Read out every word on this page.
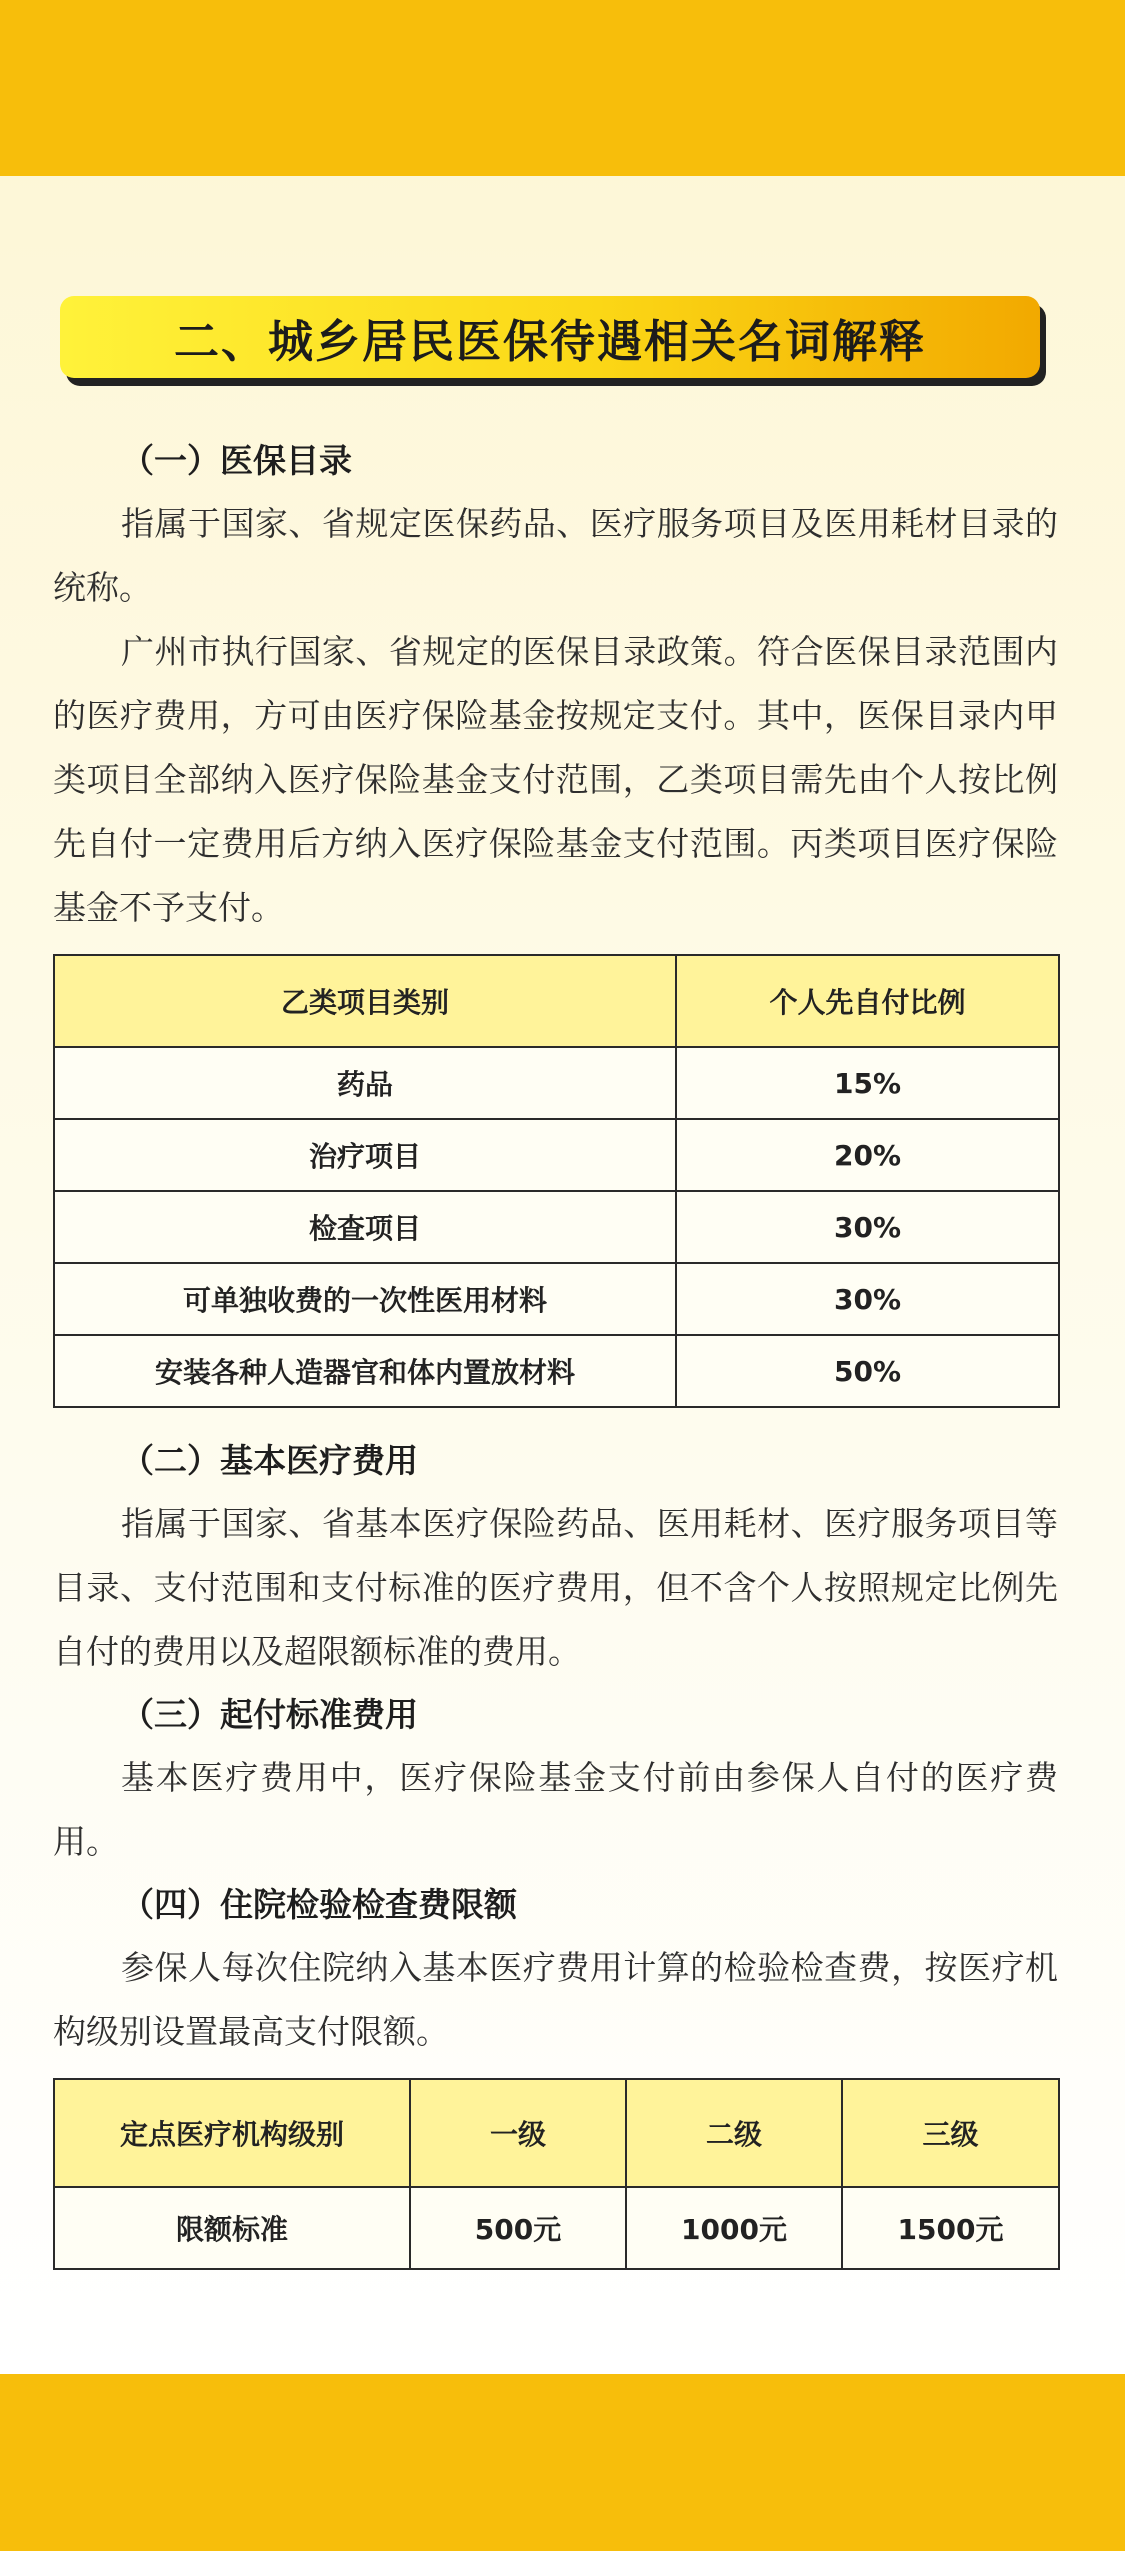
二、城乡居民医保待遇相关名词解释
（一）医保目录

指属于国家、省规定医保药品、医疗服务项目及医用耗材目录的统称。

广州市执行国家、省规定的医保目录政策。符合医保目录范围内的医疗费用，方可由医疗保险基金按规定支付。其中，医保目录内甲类项目全部纳入医疗保险基金支付范围，乙类项目需先由个人按比例先自付一定费用后方纳入医疗保险基金支付范围。丙类项目医疗保险基金不予支付。

乙类项目类别	个人先自付比例
药品	15%
治疗项目	20%
检查项目	30%
可单独收费的一次性医用材料	30%
安装各种人造器官和体内置放材料	50%
（二）基本医疗费用

指属于国家、省基本医疗保险药品、医用耗材、医疗服务项目等目录、支付范围和支付标准的医疗费用，但不含个人按照规定比例先自付的费用以及超限额标准的费用。

（三）起付标准费用

基本医疗费用中，医疗保险基金支付前由参保人自付的医疗费用。

（四）住院检验检查费限额

参保人每次住院纳入基本医疗费用计算的检验检查费，按医疗机构级别设置最高支付限额。

定点医疗机构级别	一级	二级	三级
限额标准	500元	1000元	1500元
